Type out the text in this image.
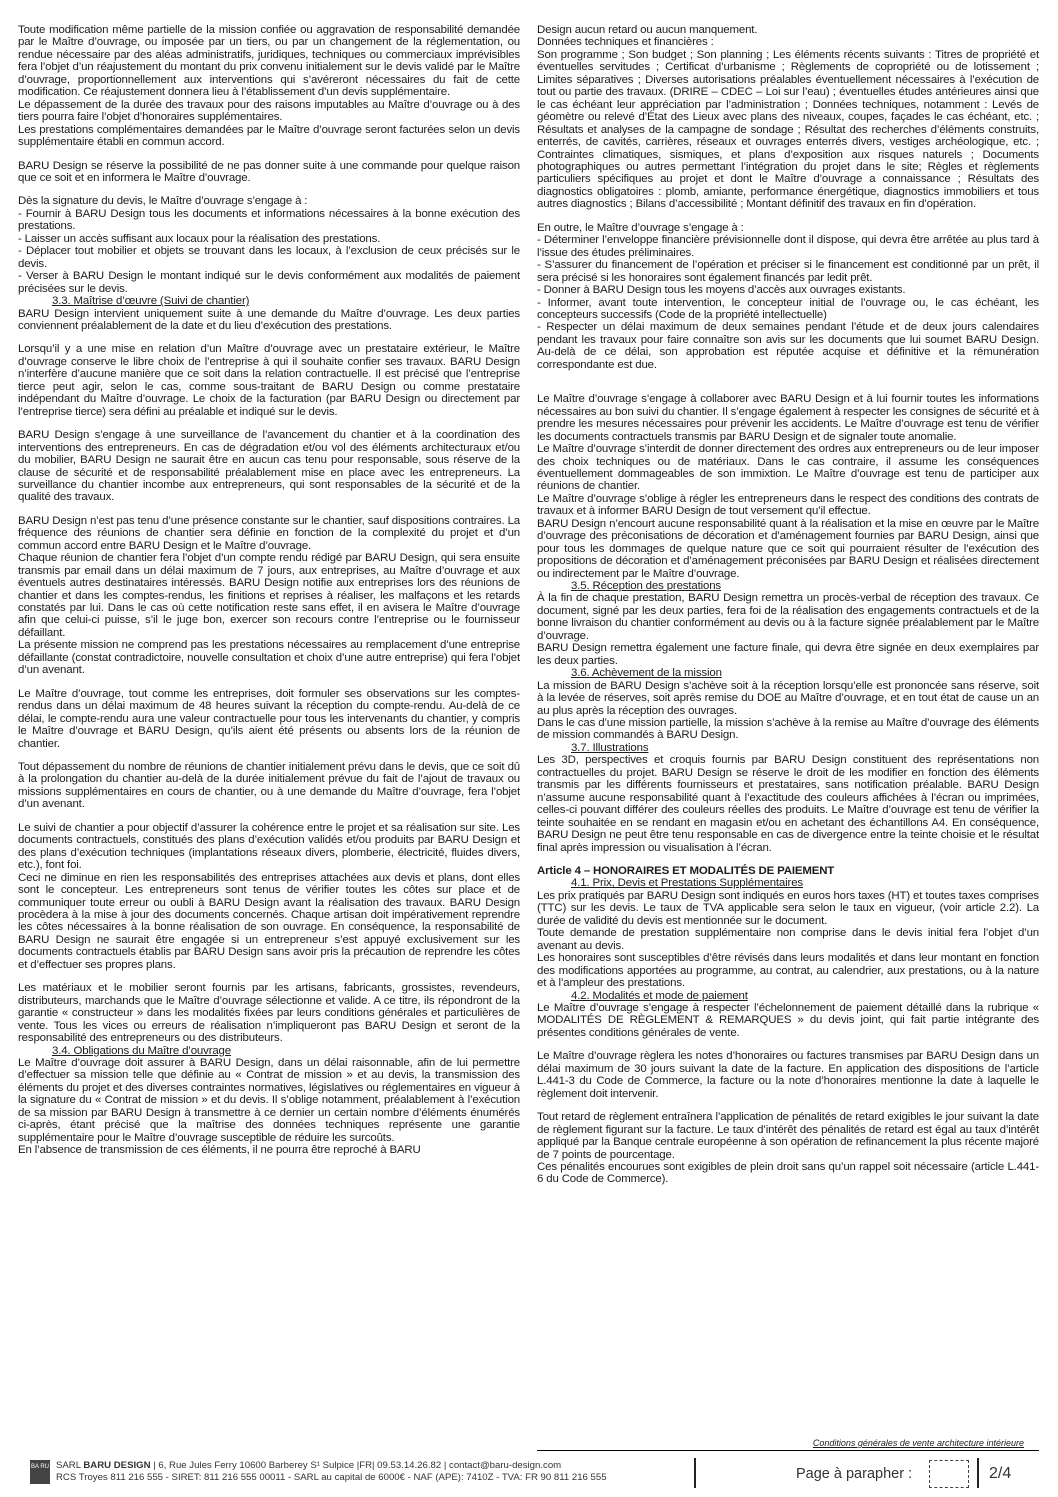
Toute modification même partielle de la mission confiée ou aggravation de responsabilité demandée par le Maître d’ouvrage, ou imposée par un tiers, ou par un changement de la réglementation, ou rendue nécessaire par des aléas administratifs, juridiques, techniques ou commerciaux imprévisibles fera l’objet d’un réajustement du montant du prix convenu initialement sur le devis validé par le Maître d’ouvrage, proportionnellement aux interventions qui s’avéreront nécessaires du fait de cette modification. Ce réajustement donnera lieu à l’établissement d’un devis supplémentaire.

Le dépassement de la durée des travaux pour des raisons imputables au Maître d’ouvrage ou à des tiers pourra faire l’objet d’honoraires supplémentaires.

Les prestations complémentaires demandées par le Maître d’ouvrage seront facturées selon un devis supplémentaire établi en commun accord.

BARU Design se réserve la possibilité de ne pas donner suite à une commande pour quelque raison que ce soit et en informera le Maître d’ouvrage.

Dès la signature du devis, le Maître d’ouvrage s’engage à :

- Fournir à BARU Design tous les documents et informations nécessaires à la bonne exécution des prestations.

- Laisser un accès suffisant aux locaux pour la réalisation des prestations.

- Déplacer tout mobilier et objets se trouvant dans les locaux, à l’exclusion de ceux précisés sur le devis.

- Verser à BARU Design le montant indiqué sur le devis conformément aux modalités de paiement précisées sur le devis.

3.3. Maîtrise d’œuvre (Suivi de chantier)

BARU Design intervient uniquement suite à une demande du Maître d’ouvrage. Les deux parties conviennent préalablement de la date et du lieu d’exécution des prestations.

Lorsqu’il y a une mise en relation d’un Maître d’ouvrage avec un prestataire extérieur, le Maître d’ouvrage conserve le libre choix de l’entreprise à qui il souhaite confier ses travaux. BARU Design n’interfère d’aucune manière que ce soit dans la relation contractuelle. Il est précisé que l’entreprise tierce peut agir, selon le cas, comme sous-traitant de BARU Design ou comme prestataire indépendant du Maître d’ouvrage. Le choix de la facturation (par BARU Design ou directement par l’entreprise tierce) sera défini au préalable et indiqué sur le devis.

BARU Design s’engage à une surveillance de l’avancement du chantier et à la coordination des interventions des entrepreneurs. En cas de dégradation et/ou vol des éléments architecturaux et/ou du mobilier, BARU Design ne saurait être en aucun cas tenu pour responsable, sous réserve de la clause de sécurité et de responsabilité préalablement mise en place avec les entrepreneurs. La surveillance du chantier incombe aux entrepreneurs, qui sont responsables de la sécurité et de la qualité des travaux.

BARU Design n’est pas tenu d’une présence constante sur le chantier, sauf dispositions contraires. La fréquence des réunions de chantier sera définie en fonction de la complexité du projet et d’un commun accord entre BARU Design et le Maître d’ouvrage.

Chaque réunion de chantier fera l’objet d’un compte rendu rédigé par BARU Design, qui sera ensuite transmis par email dans un délai maximum de 7 jours, aux entreprises, au Maître d’ouvrage et aux éventuels autres destinataires intéressés. BARU Design notifie aux entreprises lors des réunions de chantier et dans les comptes-rendus, les finitions et reprises à réaliser, les malfaçons et les retards constatés par lui. Dans le cas où cette notification reste sans effet, il en avisera le Maître d’ouvrage afin que celui-ci puisse, s’il le juge bon, exercer son recours contre l’entreprise ou le fournisseur défaillant.

La présente mission ne comprend pas les prestations nécessaires au remplacement d’une entreprise défaillante (constat contradictoire, nouvelle consultation et choix d’une autre entreprise) qui fera l’objet d’un avenant.

Le Maître d’ouvrage, tout comme les entreprises, doit formuler ses observations sur les comptes-rendus dans un délai maximum de 48 heures suivant la réception du compte-rendu. Au-delà de ce délai, le compte-rendu aura une valeur contractuelle pour tous les intervenants du chantier, y compris le Maître d’ouvrage et BARU Design, qu’ils aient été présents ou absents lors de la réunion de chantier.

Tout dépassement du nombre de réunions de chantier initialement prévu dans le devis, que ce soit dû à la prolongation du chantier au-delà de la durée initialement prévue du fait de l’ajout de travaux ou missions supplémentaires en cours de chantier, ou à une demande du Maître d’ouvrage, fera l’objet d’un avenant.

Le suivi de chantier a pour objectif d’assurer la cohérence entre le projet et sa réalisation sur site. Les documents contractuels, constitués des plans d’exécution validés et/ou produits par BARU Design et des plans d’exécution techniques (implantations réseaux divers, plomberie, électricité, fluides divers, etc.), font foi.

Ceci ne diminue en rien les responsabilités des entreprises attachées aux devis et plans, dont elles sont le concepteur. Les entrepreneurs sont tenus de vérifier toutes les côtes sur place et de communiquer toute erreur ou oubli à BARU Design avant la réalisation des travaux. BARU Design procèdera à la mise à jour des documents concernés. Chaque artisan doit impérativement reprendre les côtes nécessaires à la bonne réalisation de son ouvrage. En conséquence, la responsabilité de BARU Design ne saurait être engagée si un entrepreneur s’est appuyé exclusivement sur les documents contractuels établis par BARU Design sans avoir pris la précaution de reprendre les côtes et d’effectuer ses propres plans.

Les matériaux et le mobilier seront fournis par les artisans, fabricants, grossistes, revendeurs, distributeurs, marchands que le Maître d’ouvrage sélectionne et valide. A ce titre, ils répondront de la garantie « constructeur » dans les modalités fixées par leurs conditions générales et particulières de vente. Tous les vices ou erreurs de réalisation n’impliqueront pas BARU Design et seront de la responsabilité des entrepreneurs ou des distributeurs.

3.4. Obligations du Maître d’ouvrage

Le Maître d’ouvrage doit assurer à BARU Design, dans un délai raisonnable, afin de lui permettre d’effectuer sa mission telle que définie au « Contrat de mission » et au devis, la transmission des éléments du projet et des diverses contraintes normatives, législatives ou réglementaires en vigueur à la signature du « Contrat de mission » et du devis. Il s’oblige notamment, préalablement à l’exécution de sa mission par BARU Design à transmettre à ce dernier un certain nombre d’éléments énumérés ci-après, étant précisé que la maîtrise des données techniques représente une garantie supplémentaire pour le Maître d’ouvrage susceptible de réduire les surcoûts.

En l’absence de transmission de ces éléments, il ne pourra être reproché à BARU

Design aucun retard ou aucun manquement.

Données techniques et financières :

Son programme ; Son budget ; Son planning ; Les éléments récents suivants : Titres de propriété et éventuelles servitudes ; Certificat d’urbanisme ; Règlements de copropriété ou de lotissement ; Limites séparatives ; Diverses autorisations préalables éventuellement nécessaires à l’exécution de tout ou partie des travaux. (DRIRE – CDEC – Loi sur l’eau) ; éventuelles études antérieures ainsi que le cas échéant leur appréciation par l’administration ; Données techniques, notamment : Levés de géomètre ou relevé d’État des Lieux avec plans des niveaux, coupes, façades le cas échéant, etc. ; Résultats et analyses de la campagne de sondage ; Résultat des recherches d’éléments construits, enterrés, de cavités, carrières, réseaux et ouvrages enterrés divers, vestiges archéologique, etc. ; Contraintes climatiques, sismiques, et plans d’exposition aux risques naturels ; Documents photographiques ou autres permettant l’intégration du projet dans le site; Règles et règlements particuliers spécifiques au projet et dont le Maître d’ouvrage a connaissance ; Résultats des diagnostics obligatoires : plomb, amiante, performance énergétique, diagnostics immobiliers et tous autres diagnostics ; Bilans d’accessibilité ; Montant définitif des travaux en fin d’opération.

En outre, le Maître d’ouvrage s’engage à :

- Déterminer l’enveloppe financière prévisionnelle dont il dispose, qui devra être arrêtée au plus tard à l’issue des études préliminaires.

- S’assurer du financement de l’opération et préciser si le financement est conditionné par un prêt, il sera précisé si les honoraires sont également financés par ledit prêt.

- Donner à BARU Design tous les moyens d’accès aux ouvrages existants.

- Informer, avant toute intervention, le concepteur initial de l’ouvrage ou, le cas échéant, les concepteurs successifs (Code de la propriété intellectuelle)

- Respecter un délai maximum de deux semaines pendant l’étude et de deux jours calendaires pendant les travaux pour faire connaître son avis sur les documents que lui soumet BARU Design. Au-delà de ce délai, son approbation est réputée acquise et définitive et la rémunération correspondante est due.

Le Maître d’ouvrage s’engage à collaborer avec BARU Design et à lui fournir toutes les informations nécessaires au bon suivi du chantier. Il s’engage également à respecter les consignes de sécurité et à prendre les mesures nécessaires pour prévenir les accidents. Le Maître d’ouvrage est tenu de vérifier les documents contractuels transmis par BARU Design et de signaler toute anomalie.

Le Maître d’ouvrage s’interdit de donner directement des ordres aux entrepreneurs ou de leur imposer des choix techniques ou de matériaux. Dans le cas contraire, il assume les conséquences éventuellement dommageables de son immixtion. Le Maître d’ouvrage est tenu de participer aux réunions de chantier.

Le Maître d’ouvrage s’oblige à régler les entrepreneurs dans le respect des conditions des contrats de travaux et à informer BARU Design de tout versement qu’il effectue.

BARU Design n’encourt aucune responsabilité quant à la réalisation et la mise en œuvre par le Maître d’ouvrage des préconisations de décoration et d’aménagement fournies par BARU Design, ainsi que pour tous les dommages de quelque nature que ce soit qui pourraient résulter de l’exécution des propositions de décoration et d’aménagement préconisées par BARU Design et réalisées directement ou indirectement par le Maître d’ouvrage.

3.5. Réception des prestations

À la fin de chaque prestation, BARU Design remettra un procès-verbal de réception des travaux. Ce document, signé par les deux parties, fera foi de la réalisation des engagements contractuels et de la bonne livraison du chantier conformément au devis ou à la facture signée préalablement par le Maître d’ouvrage.

BARU Design remettra également une facture finale, qui devra être signée en deux exemplaires par les deux parties.

3.6. Achèvement de la mission

La mission de BARU Design s’achève soit à la réception lorsqu’elle est prononcée sans réserve, soit à la levée de réserves, soit après remise du DOE au Maître d’ouvrage, et en tout état de cause un an au plus après la réception des ouvrages.

Dans le cas d’une mission partielle, la mission s’achève à la remise au Maître d’ouvrage des éléments de mission commandés à BARU Design.

3.7. Illustrations

Les 3D, perspectives et croquis fournis par BARU Design constituent des représentations non contractuelles du projet. BARU Design se réserve le droit de les modifier en fonction des éléments transmis par les différents fournisseurs et prestataires, sans notification préalable. BARU Design n’assume aucune responsabilité quant à l’exactitude des couleurs affichées à l’écran ou imprimées, celles-ci pouvant différer des couleurs réelles des produits. Le Maître d’ouvrage est tenu de vérifier la teinte souhaitée en se rendant en magasin et/ou en achetant des échantillons A4. En conséquence, BARU Design ne peut être tenu responsable en cas de divergence entre la teinte choisie et le résultat final après impression ou visualisation à l’écran.

Article 4 – HONORAIRES ET MODALITÉS DE PAIEMENT

4.1. Prix, Devis et Prestations Supplémentaires

Les prix pratiqués par BARU Design sont indiqués en euros hors taxes (HT) et toutes taxes comprises (TTC) sur les devis. Le taux de TVA applicable sera selon le taux en vigueur, (voir article 2.2). La durée de validité du devis est mentionnée sur le document.

Toute demande de prestation supplémentaire non comprise dans le devis initial fera l’objet d’un avenant au devis.

Les honoraires sont susceptibles d’être révisés dans leurs modalités et dans leur montant en fonction des modifications apportées au programme, au contrat, au calendrier, aux prestations, ou à la nature et à l’ampleur des prestations.

4.2. Modalités et mode de paiement

Le Maître d’ouvrage s’engage à respecter l’échelonnement de paiement détaillé dans la rubrique « MODALITÉS DE RÈGLEMENT & REMARQUES » du devis joint, qui fait partie intégrante des présentes conditions générales de vente.

Le Maître d’ouvrage règlera les notes d’honoraires ou factures transmises par BARU Design dans un délai maximum de 30 jours suivant la date de la facture. En application des dispositions de l’article L.441-3 du Code de Commerce, la facture ou la note d’honoraires mentionne la date à laquelle le règlement doit intervenir.

Tout retard de règlement entraînera l’application de pénalités de retard exigibles le jour suivant la date de règlement figurant sur la facture. Le taux d’intérêt des pénalités de retard est égal au taux d’intérêt appliqué par la Banque centrale européenne à son opération de refinancement la plus récente majoré de 7 points de pourcentage.

Ces pénalités encourues sont exigibles de plein droit sans qu’un rappel soit nécessaire (article L.441-6 du Code de Commerce).

Conditions générales de vente architecture intérieure
BA RU SARL BARU DESIGN | 6, Rue Jules Ferry 10600 Barberey S¹ Sulpice |FR| 09.53.14.26.82 | contact@baru-design.com
RCS Troyes 811 216 555 - SIRET: 811 216 555 00011 - SARL au capital de 6000€ - NAF (APE): 7410Z - TVA: FR 90 811 216 555	Page à parapher :	2/4
